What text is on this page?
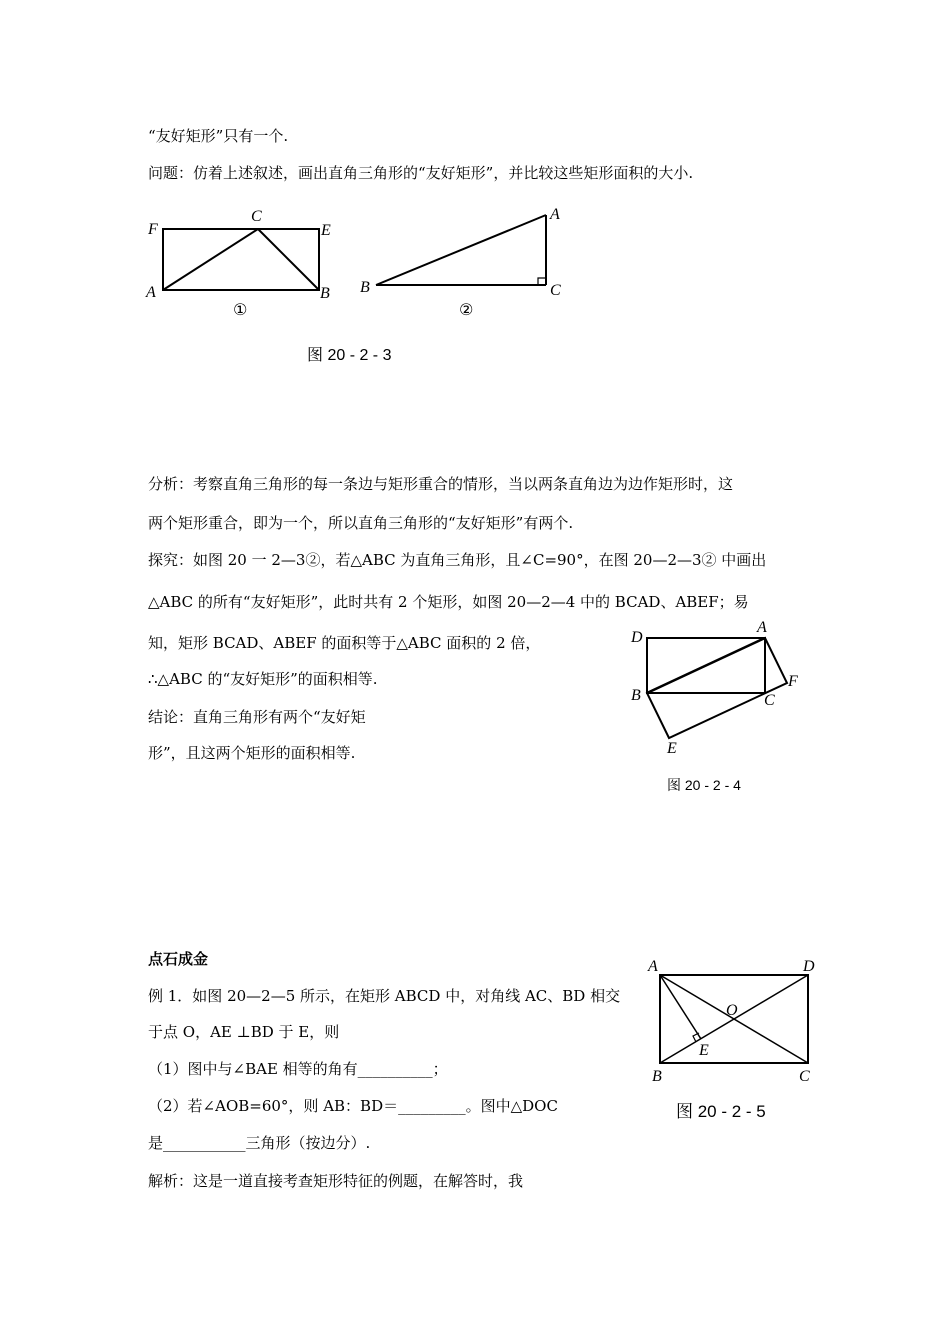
“友好矩形”只有一个.
问题：仿着上述叙述，画出直角三角形的“友好矩形”，并比较这些矩形面积的大小.
F
C
E
A	B
①
A
B	C
②
图 20 - 2 - 3
分析：考察直角三角形的每一条边与矩形重合的情形，当以两条直角边为边作矩形时，这
两个矩形重合，即为一个，所以直角三角形的“友好矩形”有两个.
探究：如图 20 一 2—3②，若△ABC 为直角三角形，且∠C=90°，在图 20—2—3② 中画出
△ABC 的所有“友好矩形”，此时共有 2 个矩形，如图 20—2—4 中的 BCAD、ABEF；易
知，矩形 BCAD、ABEF 的面积等于△ABC 面积的 2 倍，
∴△ABC 的“友好矩形”的面积相等.
结论：直角三角形有两个“友好矩
形”，且这两个矩形的面积相等.
D
A
B	C
F
E
图 20 - 2 - 4
点石成金
例 1．如图 20—2—5 所示，在矩形 ABCD 中，对角线 AC、BD 相交
于点 O，AE ⊥BD 于 E，则
（1）图中与∠BAE 相等的角有__________；
（2）若∠AOB=60°，则 AB：BD＝_________。图中△DOC
是___________三角形（按边分）.
解析：这是一道直接考查矩形特征的例题，在解答时，我
A	D
O
E
B	C
图 20 - 2 - 5
